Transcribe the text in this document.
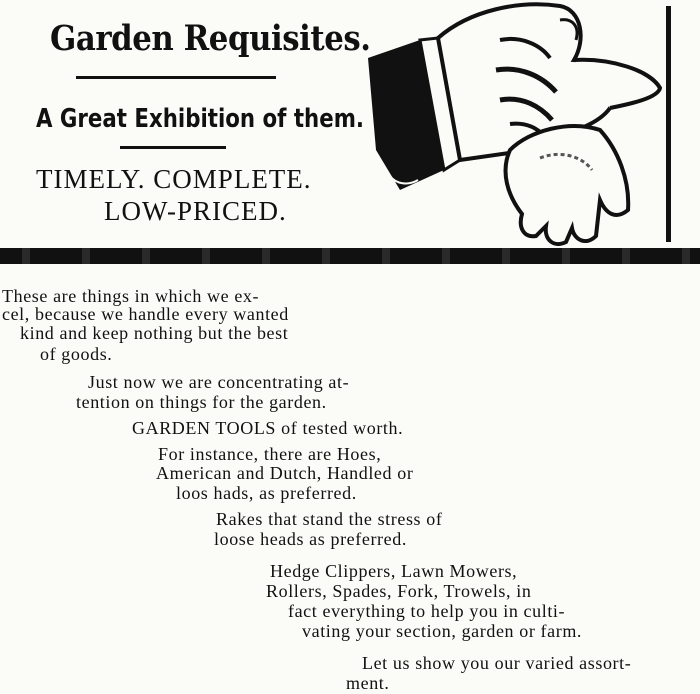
Garden Requisites.
A Great Exhibition of them.
TIMELY. COMPLETE.
LOW-PRICED.
These are things in which we ex-
cel, because we handle every wanted
kind and keep nothing but the best
of goods.
Just now we are concentrating at-
tention on things for the garden.
GARDEN TOOLS of tested worth.
For instance, there are Hoes,
American and Dutch, Handled or
loos hads, as preferred.
Rakes that stand the stress of
loose heads as preferred.
Hedge Clippers, Lawn Mowers,
Rollers, Spades, Fork, Trowels, in
fact everything to help you in culti-
vating your section, garden or farm.
Let us show you our varied assort-
ment.
